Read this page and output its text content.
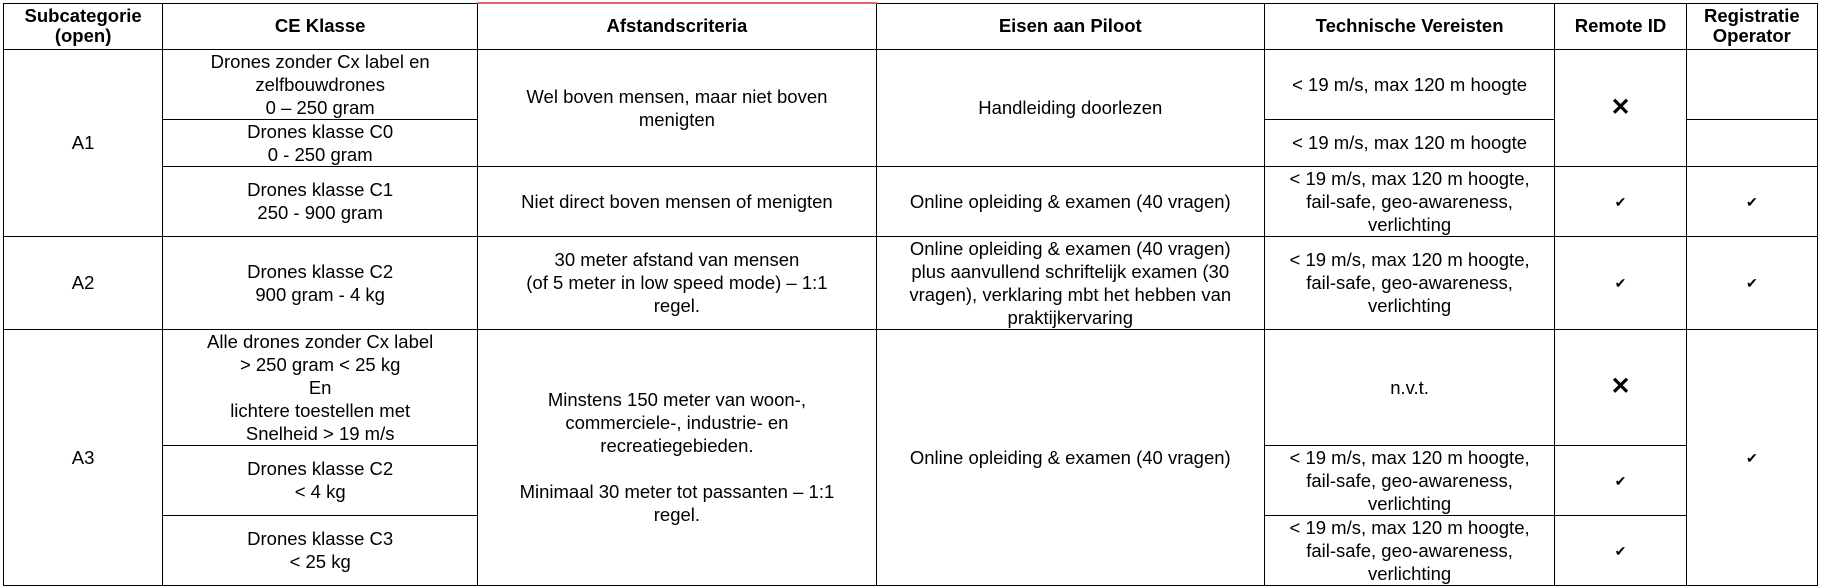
Subcategorie (open)	CE Klasse	Afstandscriteria	Eisen aan Piloot	Technische Vereisten	Remote ID	Registratie Operator
A1	Drones zonder Cx label en
zelfbouwdrones
0 – 250 gram	Wel boven mensen, maar niet boven
menigten	Handleiding doorlezen	< 19 m/s, max 120 m hoogte	✕	

	Drones klasse C0
0 - 250 gram			< 19 m/s, max 120 m hoogte		

	Drones klasse C1
250 - 900 gram	Niet direct boven mensen of menigten	Online opleiding & examen (40 vragen)	< 19 m/s, max 120 m hoogte,
fail-safe, geo-awareness,
verlichting	✔	✔
A2	Drones klasse C2
900 gram - 4 kg	30 meter afstand van mensen
(of 5 meter in low speed mode) – 1:1
regel.	Online opleiding & examen (40 vragen)
plus aanvullend schriftelijk examen (30
vragen), verklaring mbt het hebben van
praktijkervaring	< 19 m/s, max 120 m hoogte,
fail-safe, geo-awareness,
verlichting	✔	✔
A3	Alle drones zonder Cx label
> 250 gram < 25 kg
En
lichtere toestellen met
Snelheid > 19 m/s	Minstens 150 meter van woon-,
commerciele-, industrie- en
recreatiegebieden.
Minimaal 30 meter tot passanten – 1:1
regel.	Online opleiding & examen (40 vragen)	n.v.t.	✕	✔

	Drones klasse C2
< 4 kg			< 19 m/s, max 120 m hoogte,
fail-safe, geo-awareness,
verlichting	✔	

	Drones klasse C3
< 25 kg			< 19 m/s, max 120 m hoogte,
fail-safe, geo-awareness,
verlichting	✔	
